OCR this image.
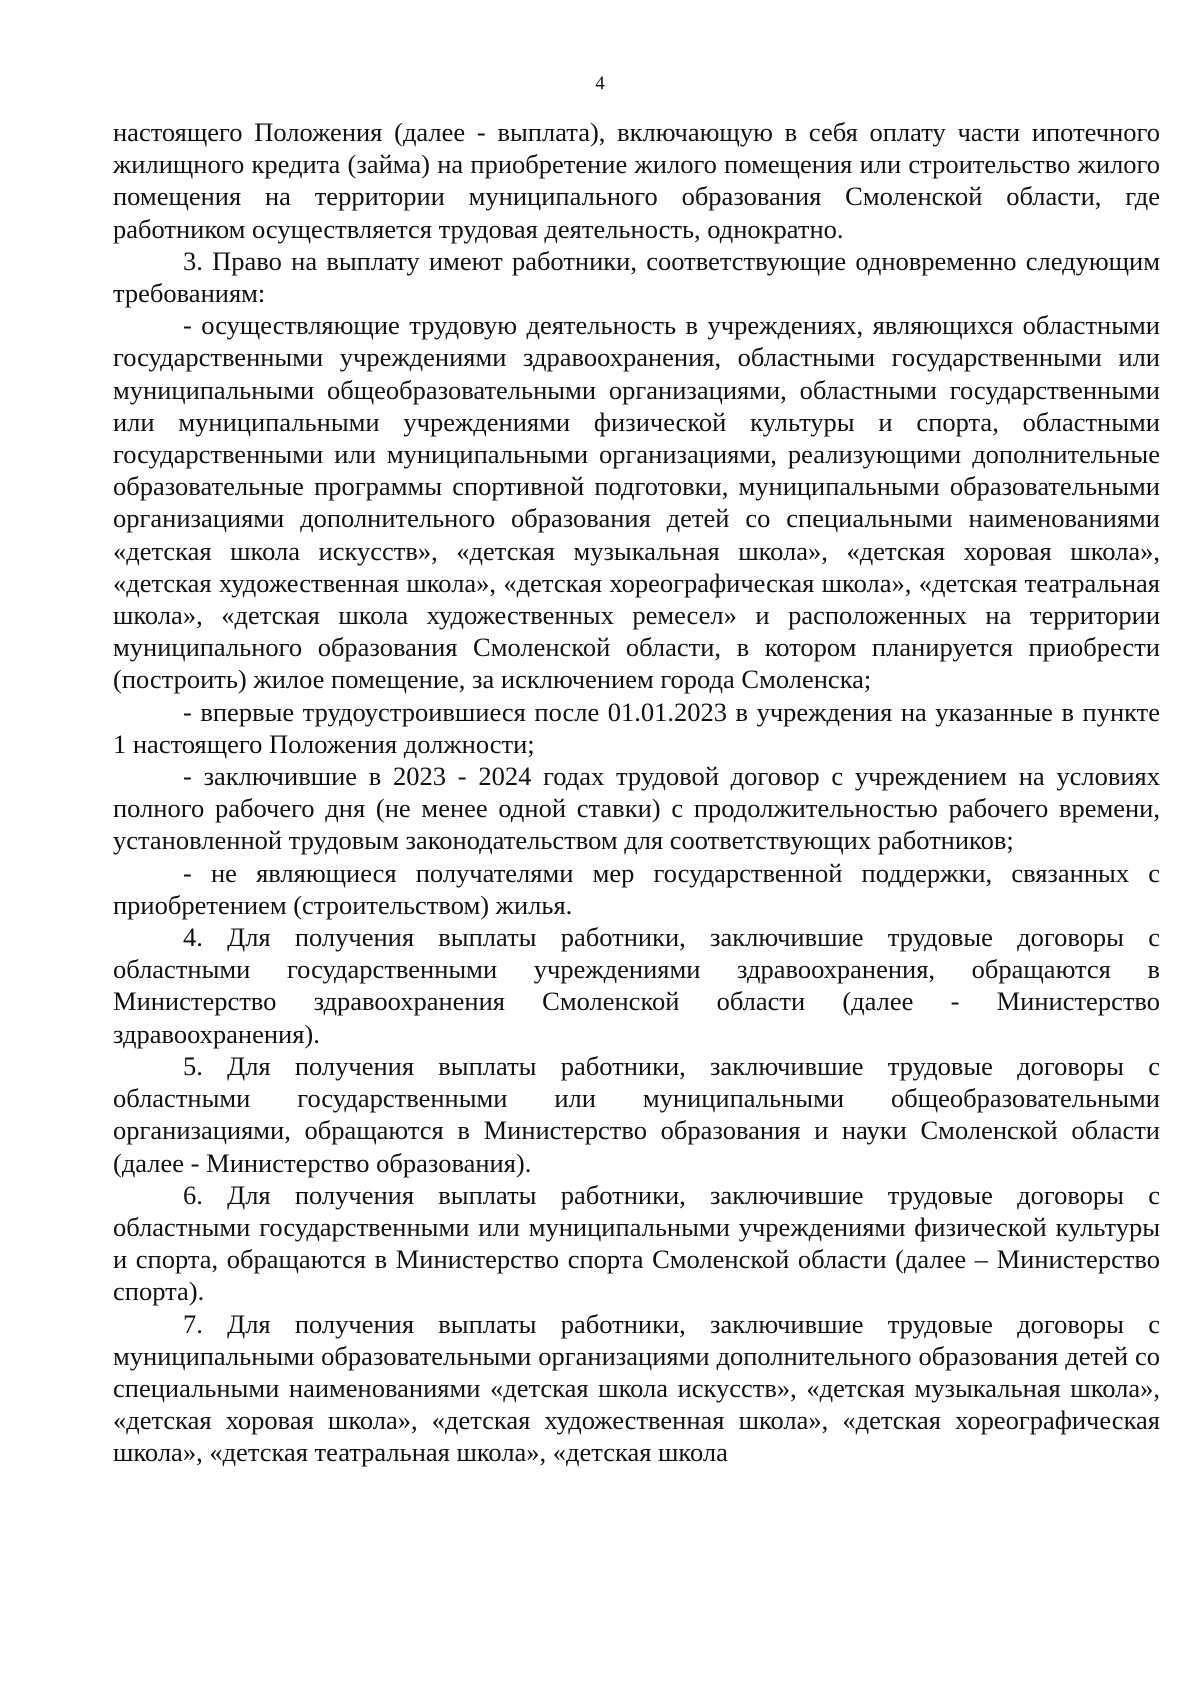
4

настоящего Положения (далее - выплата), включающую в себя оплату части ипотечного жилищного кредита (займа) на приобретение жилого помещения или строительство жилого помещения на территории муниципального образования Смоленской области, где работником осуществляется трудовая деятельность, однократно.

3. Право на выплату имеют работники, соответствующие одновременно следующим требованиям:

- осуществляющие трудовую деятельность в учреждениях, являющихся областными государственными учреждениями здравоохранения, областными государственными или муниципальными общеобразовательными организациями, областными государственными или муниципальными учреждениями физической культуры и спорта, областными государственными или муниципальными организациями, реализующими дополнительные образовательные программы спортивной подготовки, муниципальными образовательными организациями дополнительного образования детей со специальными наименованиями «детская школа искусств», «детская музыкальная школа», «детская хоровая школа», «детская художественная школа», «детская хореографическая школа», «детская театральная школа», «детская школа художественных ремесел» и расположенных на территории муниципального образования Смоленской области, в котором планируется приобрести (построить) жилое помещение, за исключением города Смоленска;

- впервые трудоустроившиеся после 01.01.2023 в учреждения на указанные в пункте 1 настоящего Положения должности;

- заключившие в 2023 - 2024 годах трудовой договор с учреждением на условиях полного рабочего дня (не менее одной ставки) с продолжительностью рабочего времени, установленной трудовым законодательством для соответствующих работников;

- не являющиеся получателями мер государственной поддержки, связанных с приобретением (строительством) жилья.

4. Для получения выплаты работники, заключившие трудовые договоры с областными государственными учреждениями здравоохранения, обращаются в Министерство здравоохранения Смоленской области (далее - Министерство здравоохранения).

5. Для получения выплаты работники, заключившие трудовые договоры с областными государственными или муниципальными общеобразовательными организациями, обращаются в Министерство образования и науки Смоленской области (далее - Министерство образования).

6. Для получения выплаты работники, заключившие трудовые договоры с областными государственными или муниципальными учреждениями физической культуры и спорта, обращаются в Министерство спорта Смоленской области (далее – Министерство спорта).

7. Для получения выплаты работники, заключившие трудовые договоры с муниципальными образовательными организациями дополнительного образования детей со специальными наименованиями «детская школа искусств», «детская музыкальная школа», «детская хоровая школа», «детская художественная школа», «детская хореографическая школа», «детская театральная школа», «детская школа
